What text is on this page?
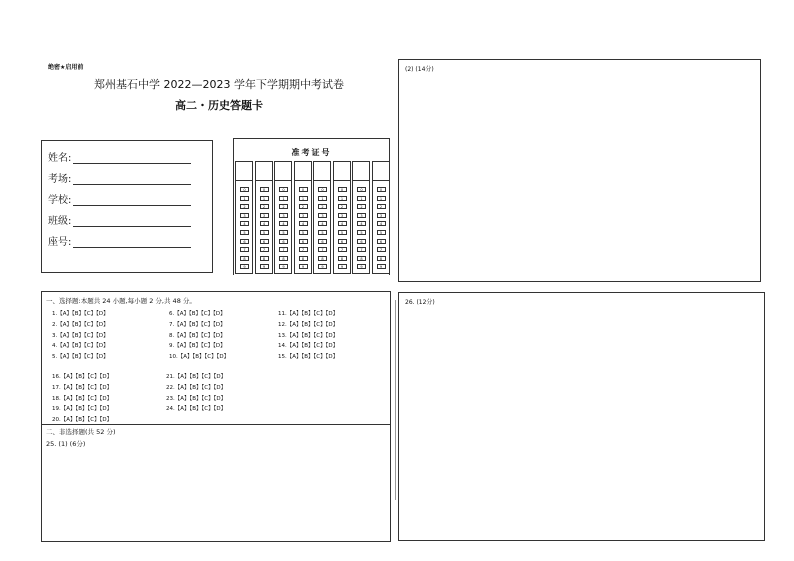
绝密★启用前
郑州基石中学 2022—2023 学年下学期期中考试卷
高二・历史答题卡
姓名:
考场:
学校:
班级:
座号:
准考证号
0
1
2
3
4
5
6
7
8
9
0
1
2
3
4
5
6
7
8
9
0
1
2
3
4
5
6
7
8
9
0
1
2
3
4
5
6
7
8
9
0
1
2
3
4
5
6
7
8
9
0
1
2
3
4
5
6
7
8
9
0
1
2
3
4
5
6
7
8
9
0
1
2
3
4
5
6
7
8
9
一、选择题:本题共 24 小题,每小题 2 分,共 48 分。
1.【A】【B】【C】【D】
2.【A】【B】【C】【D】
3.【A】【B】【C】【D】
4.【A】【B】【C】【D】
5.【A】【B】【C】【D】
6.【A】【B】【C】【D】
7.【A】【B】【C】【D】
8.【A】【B】【C】【D】
9.【A】【B】【C】【D】
10.【A】【B】【C】【D】
11.【A】【B】【C】【D】
12.【A】【B】【C】【D】
13.【A】【B】【C】【D】
14.【A】【B】【C】【D】
15.【A】【B】【C】【D】
16.【A】【B】【C】【D】
17.【A】【B】【C】【D】
18.【A】【B】【C】【D】
19.【A】【B】【C】【D】
20.【A】【B】【C】【D】
21.【A】【B】【C】【D】
22.【A】【B】【C】【D】
23.【A】【B】【C】【D】
24.【A】【B】【C】【D】
二、非选择题(共 52 分)
25. (1) (6分)
(2) (14分)
26. (12分)
